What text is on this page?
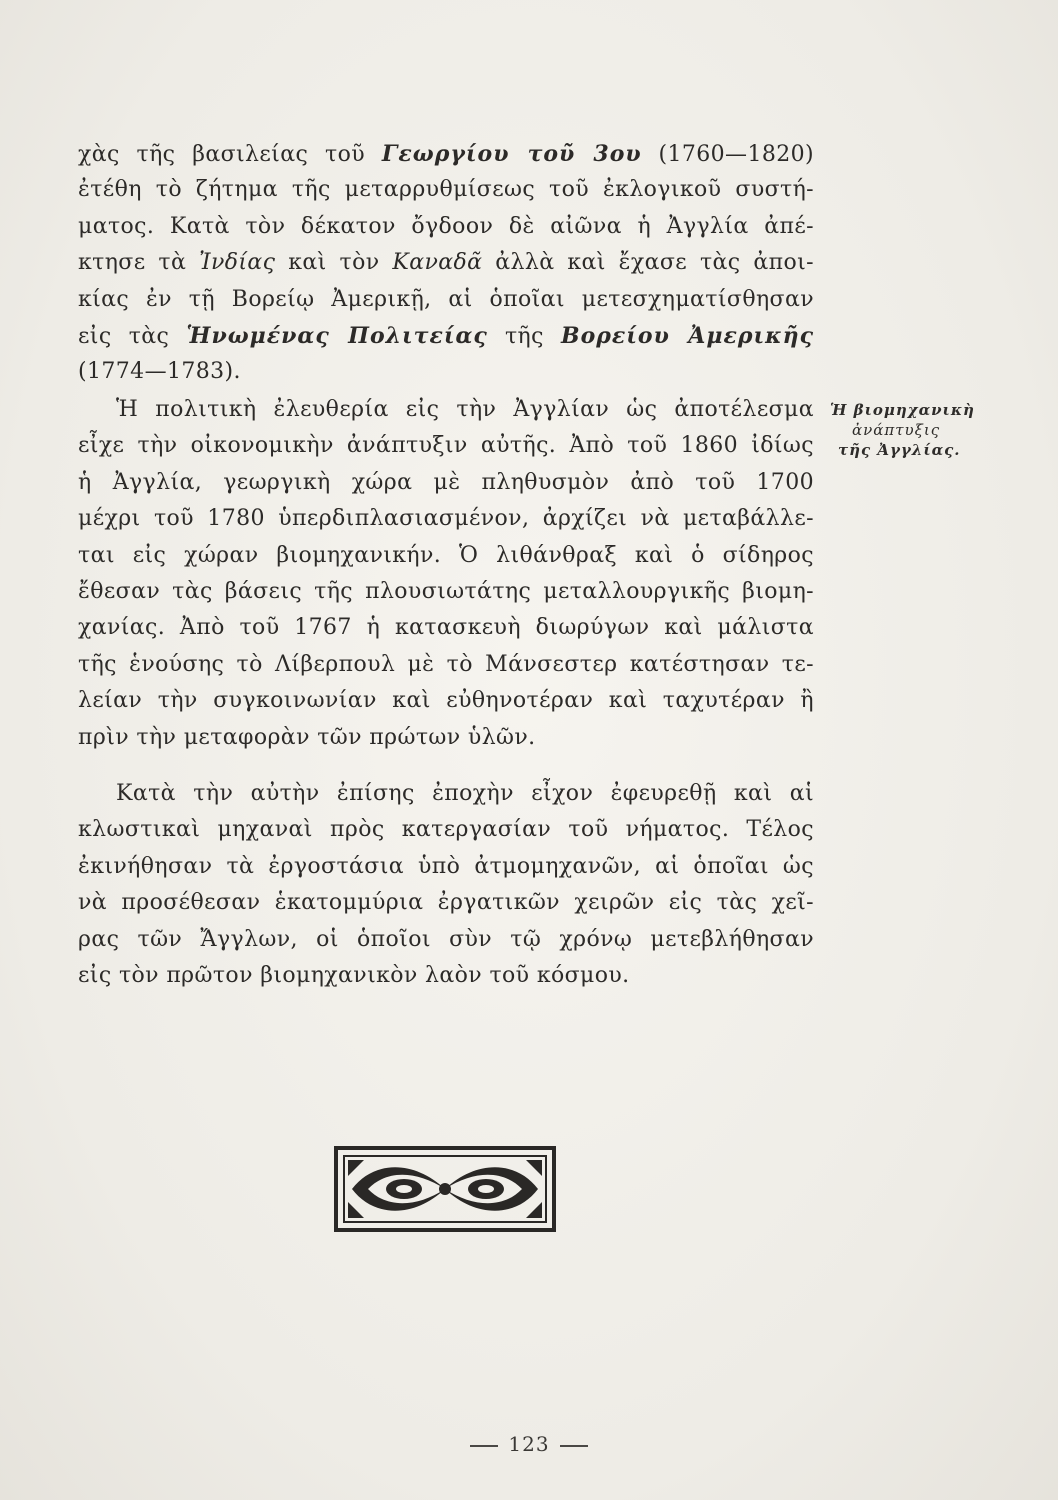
χὰς τῆς βασιλείας τοῦ Γεωργίου τοῦ 3ου (1760—1820)
ἐτέθη τὸ ζήτημα τῆς μεταρρυθμίσεως τοῦ ἐκλογικοῦ συστή-
ματος. Κατὰ τὸν δέκατον ὄγδοον δὲ αἰῶνα ἡ Ἀγγλία ἀπέ-
κτησε τὰ Ἰνδίας καὶ τὸν Καναδᾶ ἀλλὰ καὶ ἔχασε τὰς ἀποι-
κίας ἐν τῇ Βορείῳ Ἀμερικῇ, αἱ ὁποῖαι μετεσχηματίσθησαν
εἰς τὰς Ἡνωμένας Πολιτείας τῆς Βορείου Ἀμερικῆς
(1774—1783).
Ἡ πολιτικὴ ἐλευθερία εἰς τὴν Ἀγγλίαν ὡς ἀποτέλεσμα
εἶχε τὴν οἰκονομικὴν ἀνάπτυξιν αὐτῆς. Ἀπὸ τοῦ 1860 ἰδίως
ἡ Ἀγγλία, γεωργικὴ χώρα μὲ πληθυσμὸν ἀπὸ τοῦ 1700
μέχρι τοῦ 1780 ὑπερδιπλασιασμένον, ἀρχίζει νὰ μεταβάλλε-
ται εἰς χώραν βιομηχανικήν. Ὁ λιθάνθραξ καὶ ὁ σίδηρος
ἔθεσαν τὰς βάσεις τῆς πλουσιωτάτης μεταλλουργικῆς βιομη-
χανίας. Ἀπὸ τοῦ 1767 ἡ κατασκευὴ διωρύγων καὶ μάλιστα
τῆς ἑνούσης τὸ Λίβερπουλ μὲ τὸ Μάνσεστερ κατέστησαν τε-
λείαν τὴν συγκοινωνίαν καὶ εὐθηνοτέραν καὶ ταχυτέραν ἢ
πρὶν τὴν μεταφορὰν τῶν πρώτων ὑλῶν.
Ἡ βιομηχανικὴ
ἀνάπτυξις
τῆς Ἀγγλίας.
Κατὰ τὴν αὐτὴν ἐπίσης ἐποχὴν εἶχον ἐφευρεθῇ καὶ αἱ
κλωστικαὶ μηχαναὶ πρὸς κατεργασίαν τοῦ νήματος. Τέλος
ἐκινήθησαν τὰ ἐργοστάσια ὑπὸ ἀτμομηχανῶν, αἱ ὁποῖαι ὡς
νὰ προσέθεσαν ἑκατομμύρια ἐργατικῶν χειρῶν εἰς τὰς χεῖ-
ρας τῶν Ἄγγλων, οἱ ὁποῖοι σὺν τῷ χρόνῳ μετεβλήθησαν
εἰς τὸν πρῶτον βιομηχανικὸν λαὸν τοῦ κόσμου.
123
